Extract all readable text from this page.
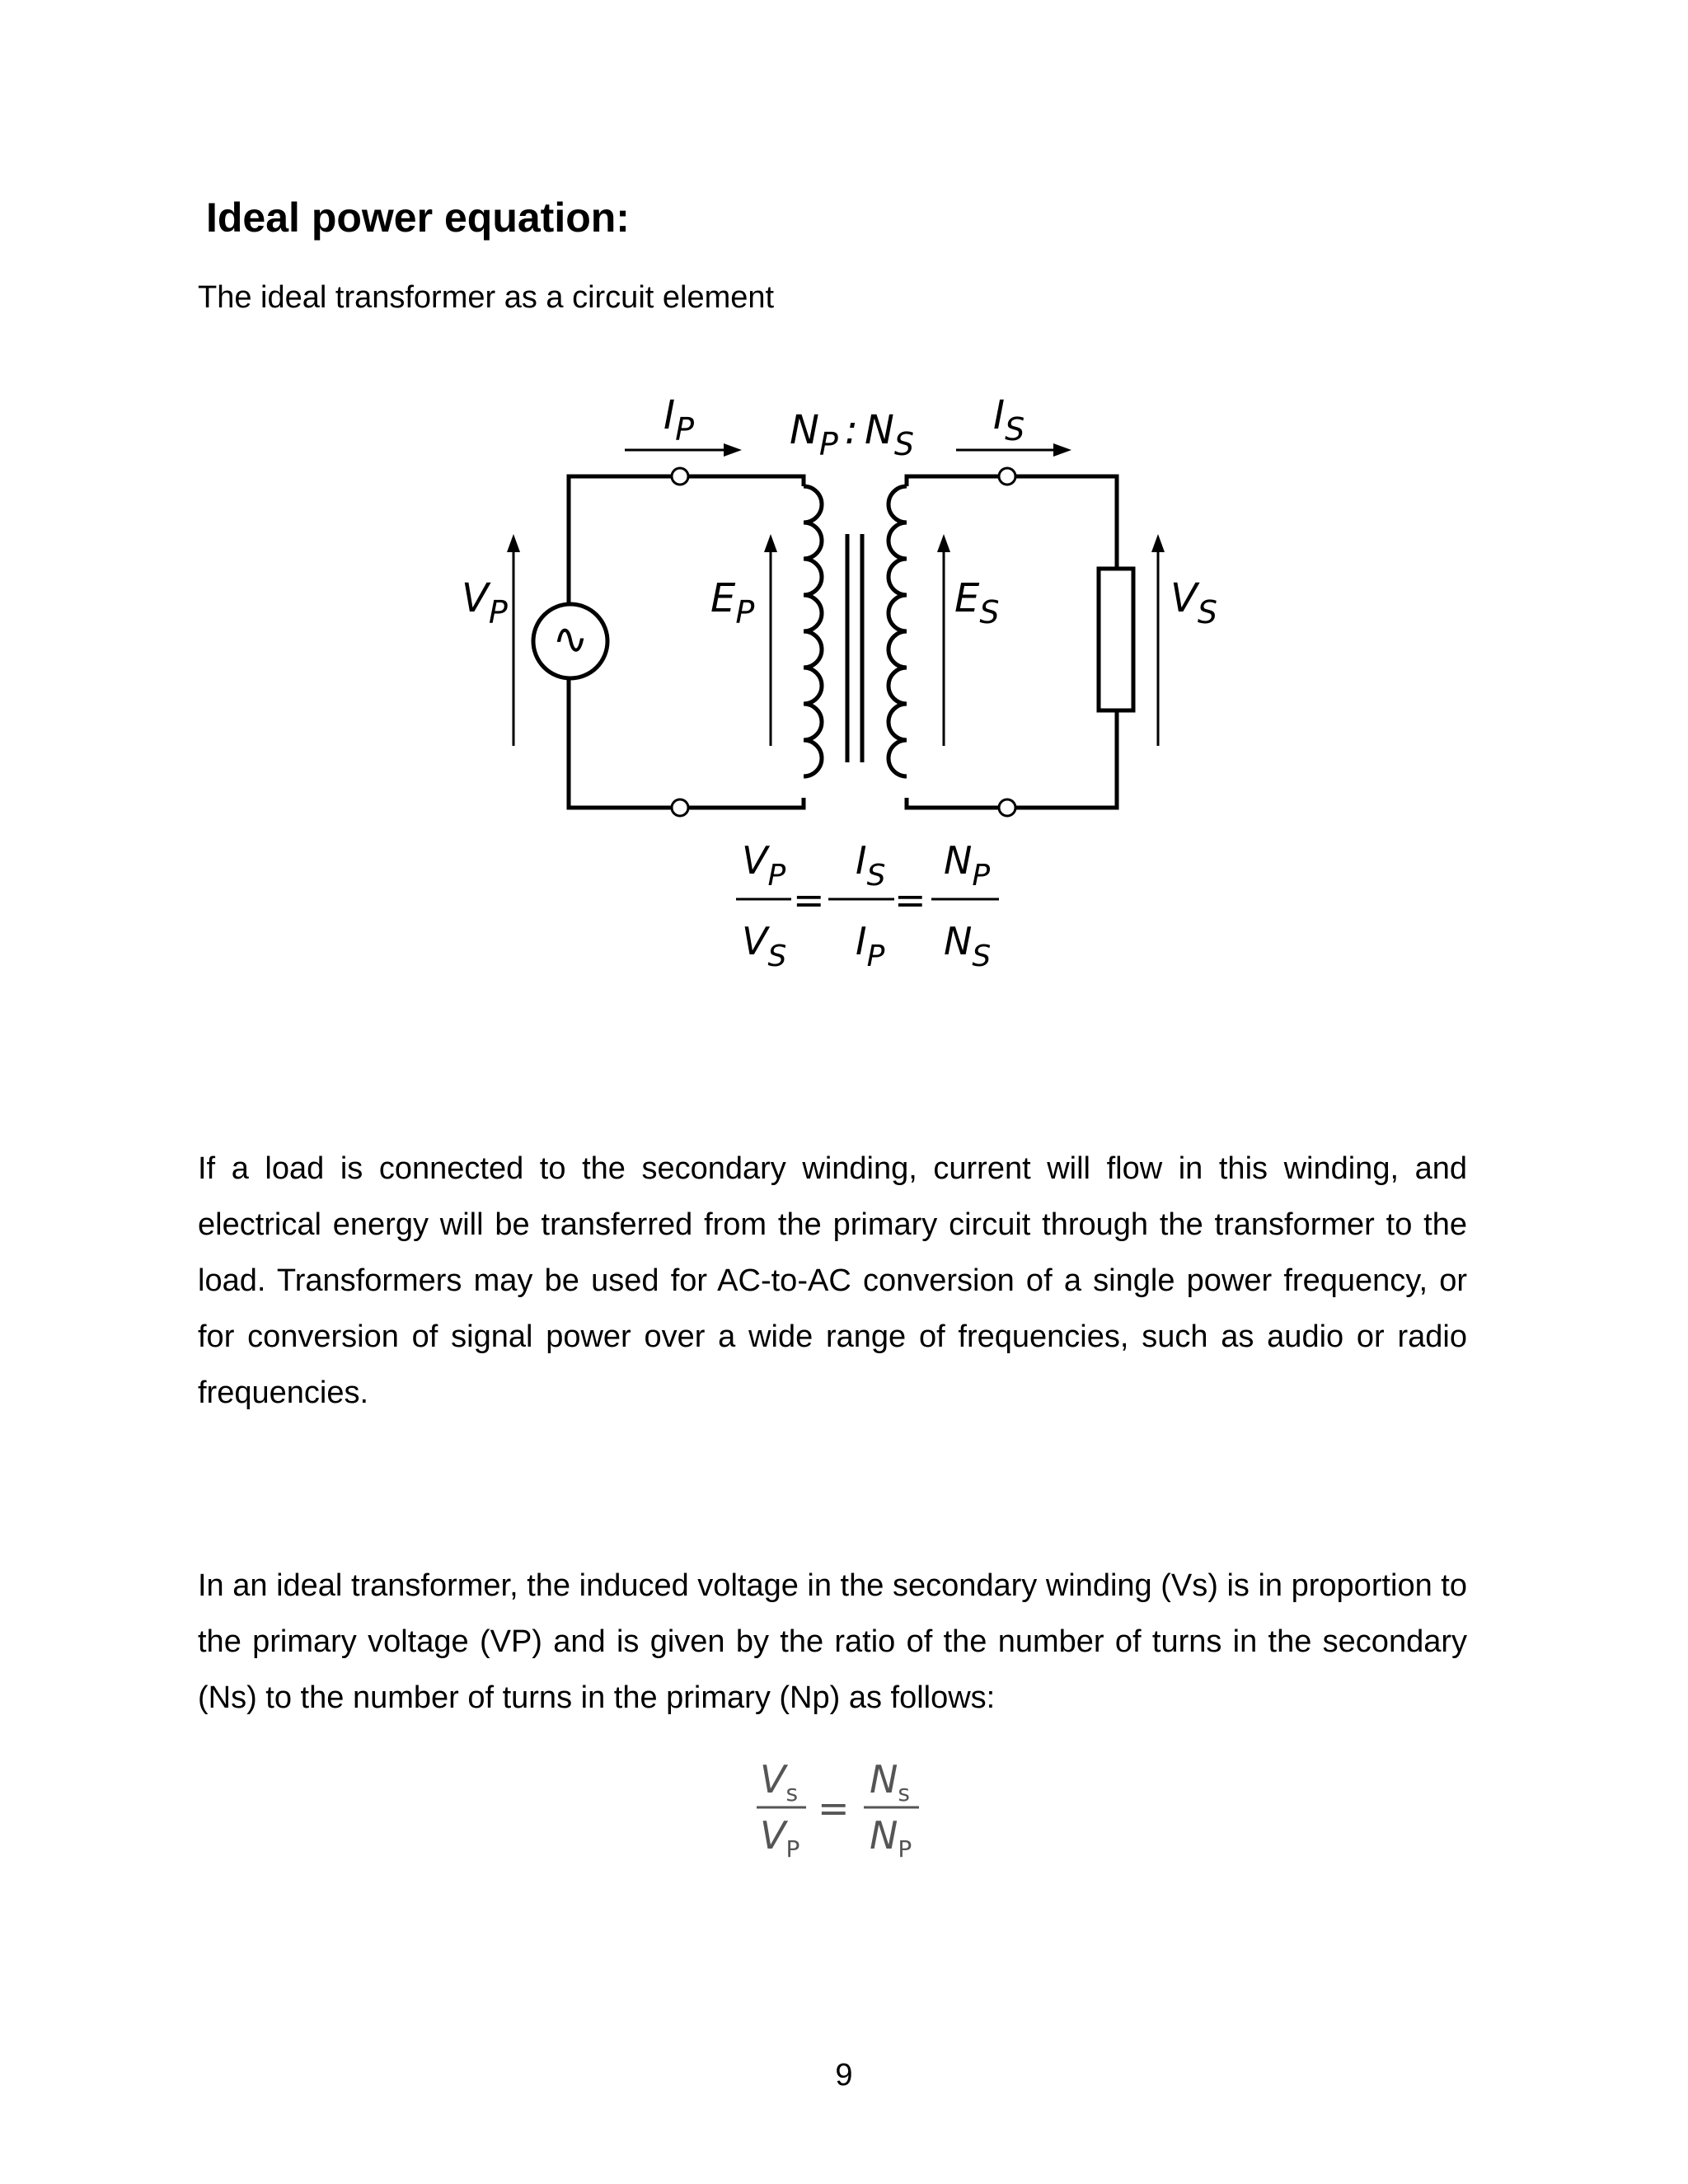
Ideal power equation:
The ideal transformer as a circuit element
∿
$I_P$ $N_P$ : $N_S$
$I_S$
$V_P$	$E_P$	$E_S$	$V_S$
$V_P$
$V_S$
=
$I_S$
$I_P$
=
$N_P$
$N_S$
$V_s$
$V_P$
=
$N_s$
$N_P$

If a load is connected to the secondary winding, current will flow in this winding, and electrical energy will be transferred from the primary circuit through the transformer to the load. Transformers may be used for AC-to-AC conversion of a single power frequency, or for conversion of signal power over a wide range of frequencies, such as audio or radio frequencies.

In an ideal transformer, the induced voltage in the secondary winding (Vs) is in proportion to the primary voltage (VP) and is given by the ratio of the number of turns in the secondary (Ns) to the number of turns in the primary (Np) as follows:

9
